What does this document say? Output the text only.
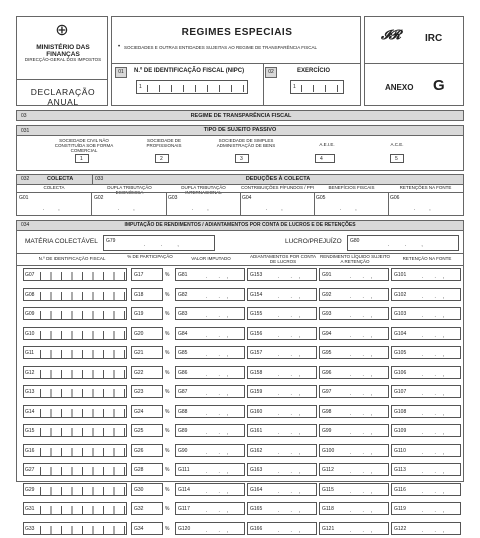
⊕
MINISTÉRIO DAS FINANÇAS
DIRECÇÃO-GERAL DOS IMPOSTOS
DECLARAÇÃO ANUAL
REGIMES ESPECIAIS
• SOCIEDADES E OUTRAS ENTIDADES SUJEITAS AO REGIME DE TRANSPARÊNCIA FISCAL
01	N.º DE IDENTIFICAÇÃO FISCAL (NIPC)
1
02	EXERCÍCIO
1
𝓘𝓡	IRC
ANEXO G
03	REGIME DE TRANSPARÊNCIA FISCAL
031	TIPO DE SUJEITO PASSIVO
SOCIEDADE CIVIL NÃO CONSTITUÍDA SOB FORMA COMERCIAL
1
SOCIEDADE DE PROFISSIONAIS
2
SOCIEDADE DE SIMPLES ADMINISTRAÇÃO DE BENS
3
A.E.I.E.
4
A.C.E.
5
032	COLECTA	033	DEDUÇÕES À COLECTA
COLECTA	DUPLA TRIBUTAÇÃO ECONÓMICA
DUPLA TRIBUTAÇÃO INTERNACIONAL
CONTRIBUIÇÕES P/FUNDOS / PPI	BENEFÍCIOS FISCAIS	RETENÇÕES NA FONTE
G01
.          ,
G02
.          ,
G03
.          ,
G04
.          ,
G05
.          ,
G06
.          ,
034	IMPUTAÇÃO DE RENDIMENTOS / ADIANTAMENTOS POR CONTA DE LUCROS E DE RETENÇÕES
MATÉRIA COLECTÁVEL G79
.           .           ,	LUCRO/PREJUÍZO G80
.           .           ,
N.º DE IDENTIFICAÇÃO FISCAL	% DE PARTICIPAÇÃO	VALOR IMPUTADO	ADIANTAMENTOS POR CONTA DE LUCROS
RENDIMENTO LÍQUIDO SUJEITO A RETENÇÃO
RETENÇÃO NA FONTE
G07	G17	% G81	.        .     ,	G153	.        .     ,	G91	.        .     ,	G101	.        .     ,
G08	G18	% G82	.        .     ,	G154	.        .     ,	G92	.        .     ,	G102	.        .     ,
G09	G19	% G83	.        .     ,	G155	.        .     ,	G93	.        .     ,	G103	.        .     ,
G10	G20	% G84	.        .     ,	G156	.        .     ,	G94	.        .     ,	G104	.        .     ,
G11	G21	% G85	.        .     ,	G157	.        .     ,	G95	.        .     ,	G105	.        .     ,
G12	G22	% G86	.        .     ,	G158	.        .     ,	G96	.        .     ,	G106	.        .     ,
G13	G23	% G87	.        .     ,	G159	.        .     ,	G97	.        .     ,	G107	.        .     ,
G14	G24	% G88	.        .     ,	G160	.        .     ,	G98	.        .     ,	G108	.        .     ,
G15	G25	% G89	.        .     ,	G161	.        .     ,	G99	.        .     ,	G109	.        .     ,
G16	G26	% G90	.        .     ,	G162	.        .     ,	G100	.        .     ,	G110	.        .     ,
G27	G28	% G111	.        .     ,	G163	.        .     ,	G112	.        .     ,	G113	.        .     ,
G29	G30	% G114	.        .     ,	G164	.        .     ,	G115	.        .     ,	G116	.        .     ,
G31	G32	% G117	.        .     ,	G165	.        .     ,	G118	.        .     ,	G119	.        .     ,
G33	G34	% G120	.        .     ,	G166	.        .     ,	G121	.        .     ,	G122	.        .     ,
